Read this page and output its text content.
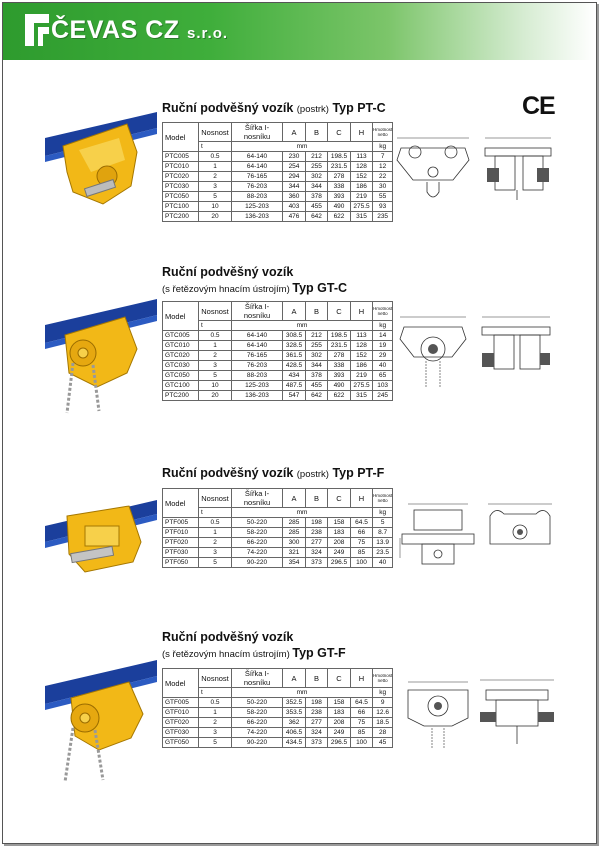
ČEVAS CZ s.r.o.
CE
Ruční podvěšný vozík (postrk) Typ PT-C
Model	Nosnost	Šířka I-nosníku	A	B	C	H	Hmotnost netto
	t	mm					kg
PTC005	0.5	64-140	230	212	198.5	113	7
PTC010	1	64-140	254	255	231.5	128	12
PTC020	2	76-165	294	302	278	152	22
PTC030	3	76-203	344	344	338	186	30
PTC050	5	88-203	360	378	393	219	55
PTC100	10	125-203	403	455	490	275.5	93
PTC200	20	136-203	476	642	622	315	235
Ruční podvěšný vozík
(s řetězovým hnacím ústrojím) Typ GT-C
Model	Nosnost	Šířka I-nosníku	A	B	C	H	Hmotnost netto
	t	mm					kg
GTC005	0.5	64-140	308.5	212	198.5	113	14
GTC010	1	64-140	328.5	255	231.5	128	19
GTC020	2	76-165	361.5	302	278	152	29
GTC030	3	76-203	428.5	344	338	186	40
GTC050	5	88-203	434	378	393	219	65
GTC100	10	125-203	487.5	455	490	275.5	103
PTC200	20	136-203	547	642	622	315	245
Ruční podvěšný vozík (postrk) Typ PT-F
Model	Nosnost	Šířka I-nosníku	A	B	C	H	Hmotnost netto
	t	mm					kg
PTF005	0.5	50-220	285	198	158	64.5	5
PTF010	1	58-220	285	238	183	66	8.7
PTF020	2	66-220	300	277	208	75	13.9
PTF030	3	74-220	321	324	249	85	23.5
PTF050	5	90-220	354	373	296.5	100	40
Ruční podvěšný vozík
(s řetězovým hnacím ústrojím) Typ GT-F
Model	Nosnost	Šířka I-nosníku	A	B	C	H	Hmotnost netto
	t	mm					kg
GTF005	0.5	50-220	352.5	198	158	64.5	9
GTF010	1	58-220	353.5	238	183	66	12.6
GTF020	2	66-220	362	277	208	75	18.5
GTF030	3	74-220	406.5	324	249	85	28
GTF050	5	90-220	434.5	373	296.5	100	45
